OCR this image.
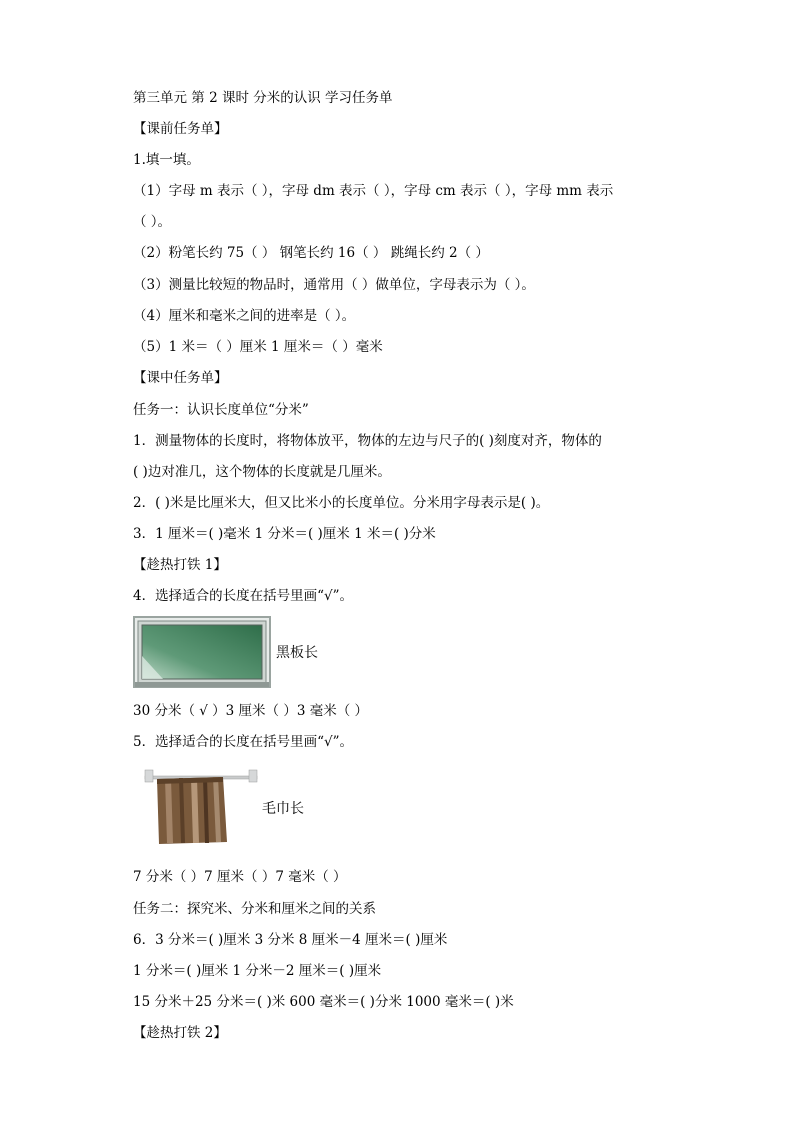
第三单元 第 2 课时 分米的认识 学习任务单
【课前任务单】
1.填一填。
（1）字母 m 表示（ ），字母 dm 表示（ ），字母 cm 表示（ ），字母 mm 表示
（ ）。
（2）粉笔长约 75（ ） 钢笔长约 16（ ） 跳绳长约 2（ ）
（3）测量比较短的物品时，通常用（ ）做单位，字母表示为（ ）。
（4）厘米和毫米之间的进率是（ ）。
（5）1 米＝（ ）厘米 1 厘米＝（ ）毫米
【课中任务单】
任务一：认识长度单位“分米”
1．测量物体的长度时，将物体放平，物体的左边与尺子的( )刻度对齐，物体的
( )边对准几，这个物体的长度就是几厘米。
2．( )米是比厘米大，但又比米小的长度单位。分米用字母表示是( )。
3．1 厘米＝( )毫米 1 分米＝( )厘米 1 米＝( )分米
【趁热打铁 1】
4．选择适合的长度在括号里画“√”。
黑板长
30 分米（ √ ）3 厘米（ ）3 毫米（ ）
5．选择适合的长度在括号里画“√”。
毛巾长
7 分米（ ）7 厘米（ ）7 毫米（ ）
任务二：探究米、分米和厘米之间的关系
6．3 分米＝( )厘米 3 分米 8 厘米－4 厘米＝( )厘米
1 分米＝( )厘米 1 分米－2 厘米＝( )厘米
15 分米＋25 分米＝( )米 600 毫米＝( )分米 1000 毫米＝( )米
【趁热打铁 2】
